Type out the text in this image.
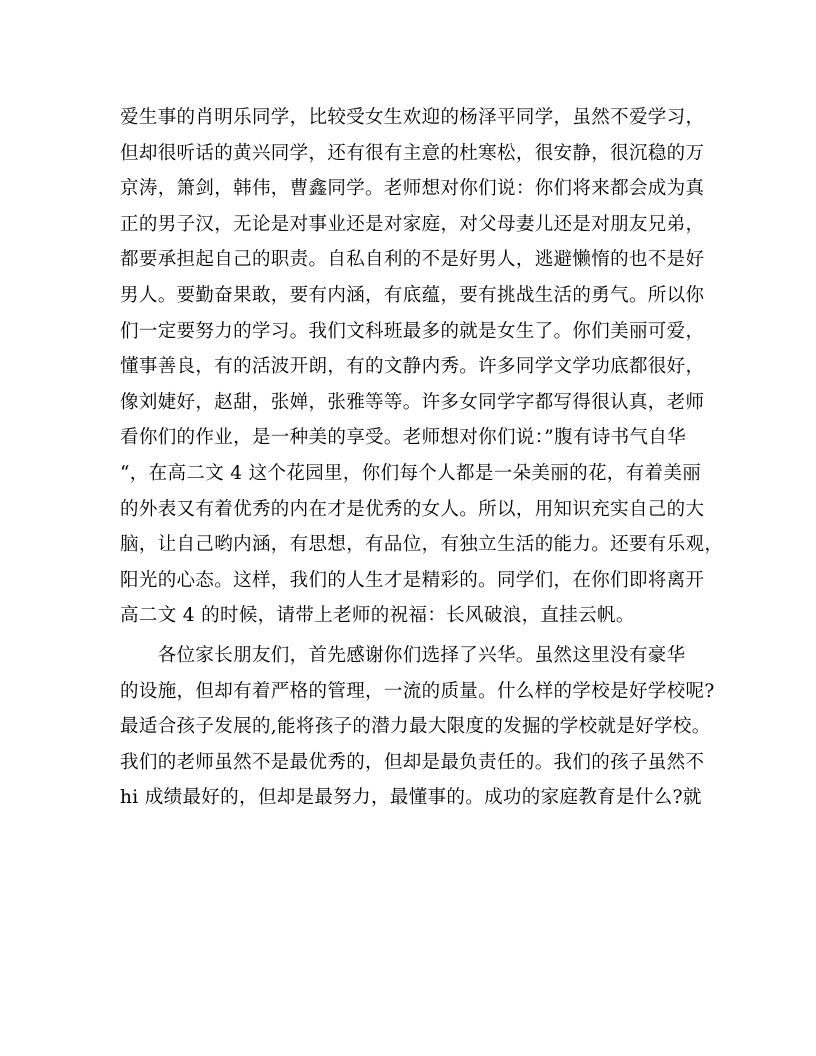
爱生事的肖明乐同学，比较受女生欢迎的杨泽平同学，虽然不爱学习，
但却很听话的黄兴同学，还有很有主意的杜寒松，很安静，很沉稳的万
京涛，箫剑，韩伟，曹鑫同学。老师想对你们说：你们将来都会成为真
正的男子汉，无论是对事业还是对家庭，对父母妻儿还是对朋友兄弟，
都要承担起自己的职责。自私自利的不是好男人，逃避懒惰的也不是好
男人。要勤奋果敢，要有内涵，有底蕴，要有挑战生活的勇气。所以你
们一定要努力的学习。我们文科班最多的就是女生了。你们美丽可爱，
懂事善良，有的活波开朗，有的文静内秀。许多同学文学功底都很好，
像刘婕好，赵甜，张婵，张雅等等。许多女同学字都写得很认真，老师
看你们的作业，是一种美的享受。老师想对你们说：”腹有诗书气自华
“，在高二文 4 这个花园里，你们每个人都是一朵美丽的花，有着美丽
的外表又有着优秀的内在才是优秀的女人。所以，用知识充实自己的大
脑，让自己哟内涵，有思想，有品位，有独立生活的能力。还要有乐观，
阳光的心态。这样，我们的人生才是精彩的。同学们，在你们即将离开
高二文 4 的时候，请带上老师的祝福：长风破浪，直挂云帆。
　　各位家长朋友们，首先感谢你们选择了兴华。虽然这里没有豪华
的设施，但却有着严格的管理，一流的质量。什么样的学校是好学校呢?
最适合孩子发展的,能将孩子的潜力最大限度的发掘的学校就是好学校。
我们的老师虽然不是最优秀的，但却是最负责任的。我们的孩子虽然不
hi 成绩最好的，但却是最努力，最懂事的。成功的家庭教育是什么?就
